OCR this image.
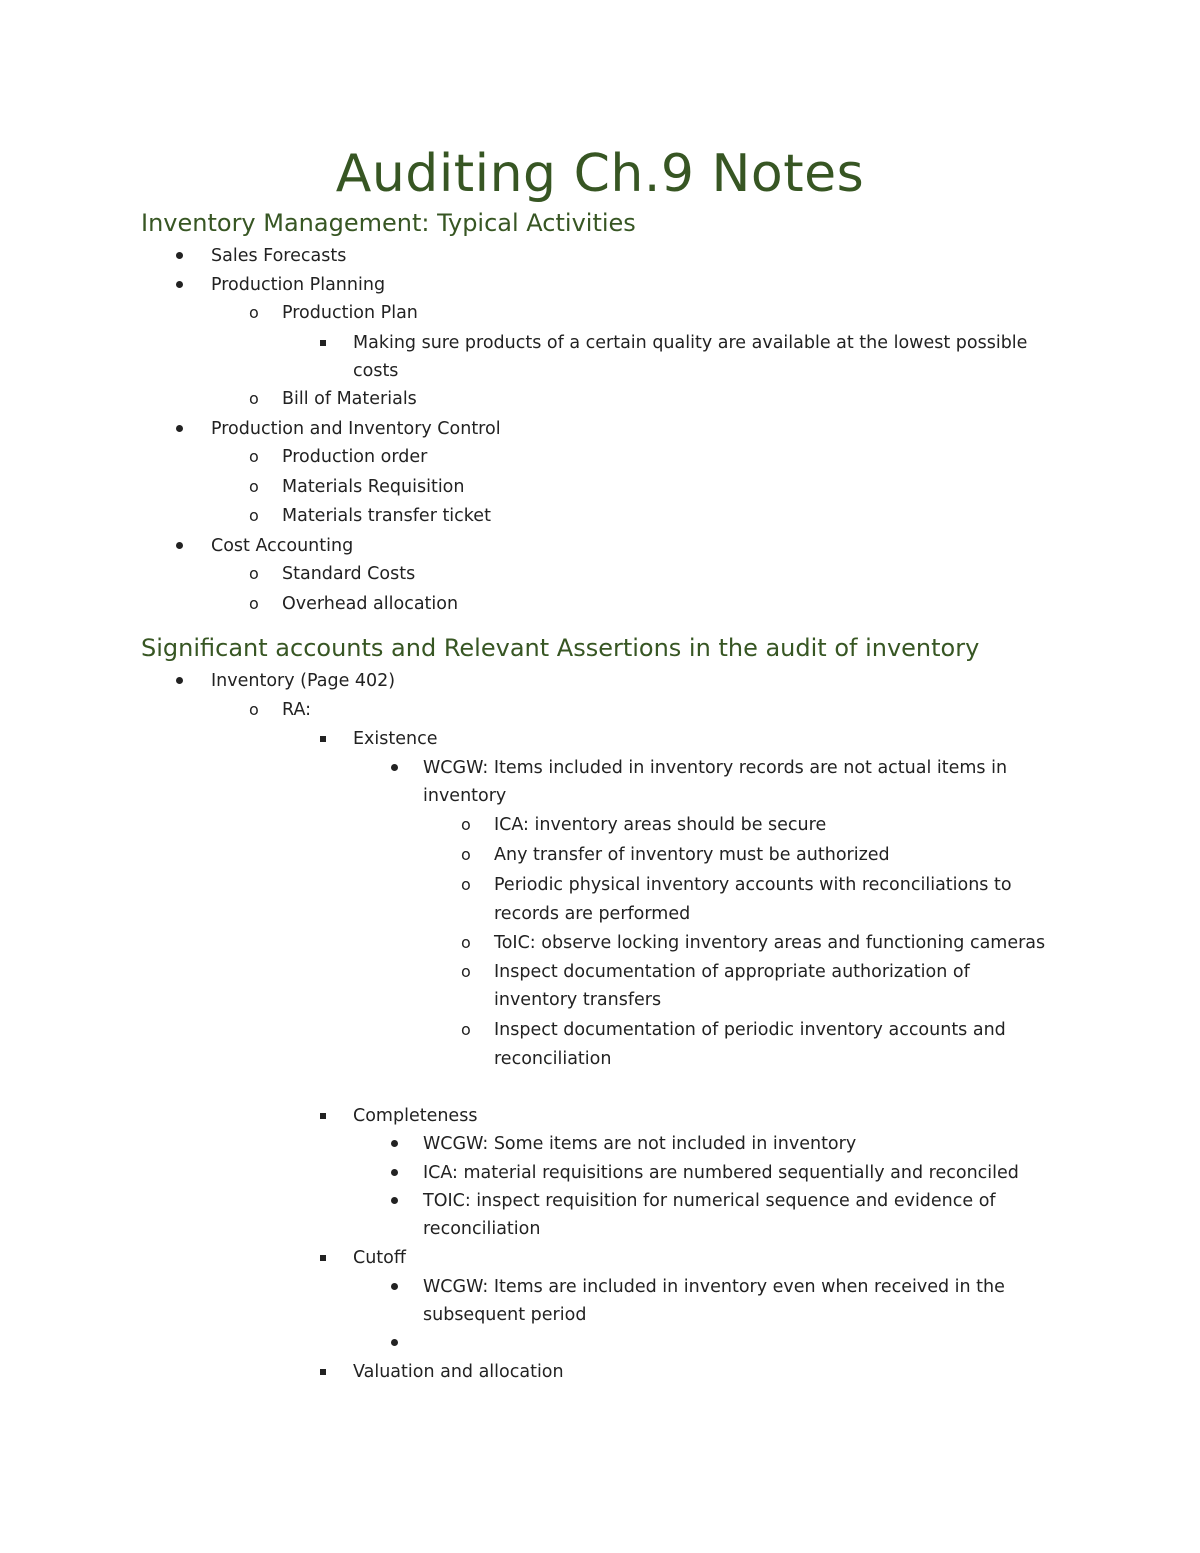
Auditing Ch.9 Notes
Inventory Management: Typical Activities
Sales Forecasts
Production Planning
o Production Plan
Making sure products of a certain quality are available at the lowest possible
costs
o Bill of Materials
Production and Inventory Control
o Production order
o Materials Requisition
o Materials transfer ticket
Cost Accounting
o Standard Costs
o Overhead allocation
Significant accounts and Relevant Assertions in the audit of inventory
Inventory (Page 402)
o RA:
Existence
WCGW: Items included in inventory records are not actual items in
inventory
o ICA: inventory areas should be secure
o Any transfer of inventory must be authorized
o Periodic physical inventory accounts with reconciliations to
records are performed
o ToIC: observe locking inventory areas and functioning cameras
o Inspect documentation of appropriate authorization of
inventory transfers
o Inspect documentation of periodic inventory accounts and
reconciliation
Completeness
WCGW: Some items are not included in inventory
ICA: material requisitions are numbered sequentially and reconciled
TOIC: inspect requisition for numerical sequence and evidence of
reconciliation
Cutoff
WCGW: Items are included in inventory even when received in the
subsequent period
Valuation and allocation
